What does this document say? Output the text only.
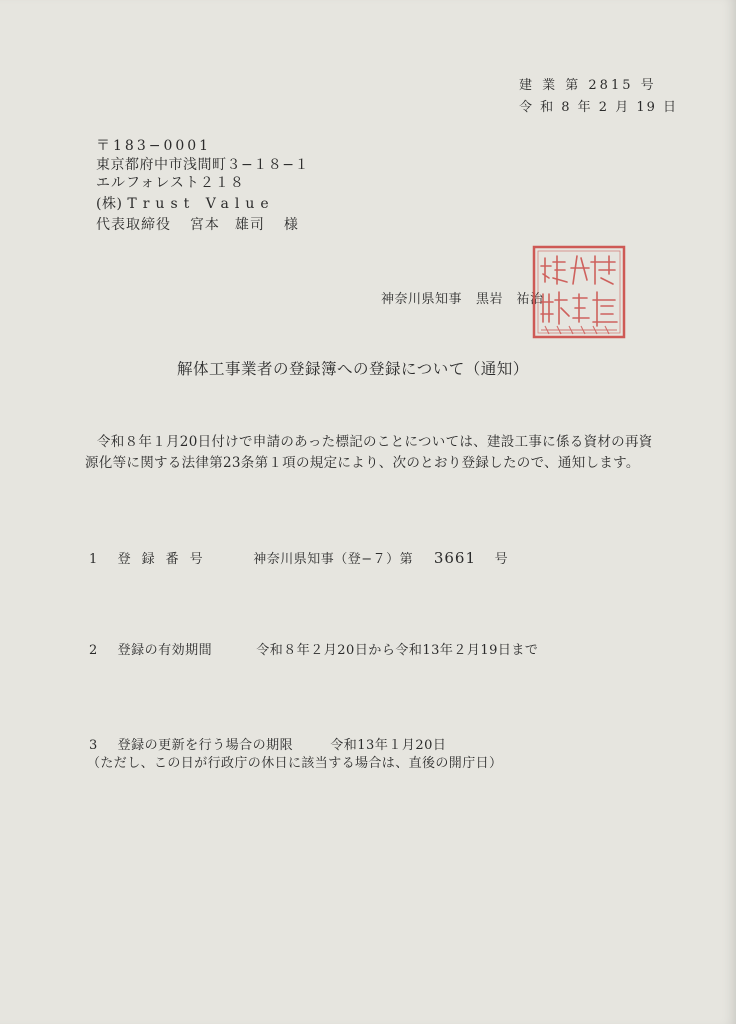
建 業 第 2815 号
令 和 8 年 2 月 19 日
〒183−0001
東京都府中市浅間町３−１８−１
エルフォレスト２１８
(株) Trust Value
代表取締役 宮本　雄司 様
神奈川県知事 黒岩　祐治
解体工事業者の登録簿への登録について（通知）
令和８年１月20日付けで申請のあった標記のことについては、建設工事に係る資材の再資源化等に関する法律第23条第１項の規定により、次のとおり登録したので、通知します。
1 登録番号	神奈川県知事（登−７）第 3661 号
2 登録の有効期間	令和８年２月20日から令和13年２月19日まで
3 登録の更新を行う場合の期限	令和13年１月20日
（ただし、この日が行政庁の休日に該当する場合は、直後の開庁日）
